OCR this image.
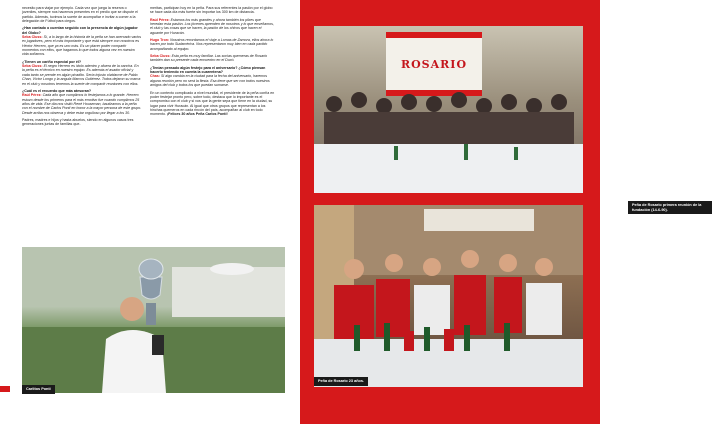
necesito para viajar por ejemplo. Cada vez que juega la reserva o juveniles, siempre nos hacemos presentes en el predio que se dispute el partido. Además, tuvimos la suerte de acompañar e invitar a comer a la delegación de Fútbol para ciegos.

¿Han contado o cuentan seguido con la presencia de algún jugador del Globo?

Seba Cluss: Sí, a lo largo de la historia de la peña se han acercado varios ex jugadores, pero el más importante y que está siempre con nosotros es Héctor Herrero, que ya es uno más. Es un placer poder compartir momentos con ellos, que hagamos lo que todos alguna vez en nuestra vida soñamos.

¿Tienen un cariño especial por él?

Seba Cluss: El negro Herrero es ídolo adentro y afuera de la cancha. En la peña es el técnico en nuestro equipo. Es además el asador oficial y cada tanto se prende en algún picadito. Sería injusto olvidarme de Pablo Chan, Víctor Longo y la angula Marcos Gutiérrez. Todos dejaron su marca en el club y nosotros tenemos la suerte de compartir reuniones con ellos.

¿Cuál es el recuerdo que más atesoran?

Raúl Pérez: Cada año que cumplimos lo festejamos a lo grande. Herrero estuvo desde los primeros para el más emotivo fue cuando cumplimos 25 años de vida. Ese día nos visitó René Houseman, bautizamos a la peña con el nombre de Carlos Ponti en honor a la mayor persona de este grupo. Desde arriba nos observa y debe estar orgulloso por llegar a los 30.

Padres, madres e hijos y hasta abuelos, siendo en algunos casos tres generaciones juntas de familias que-

meritas, participan hoy en la peña. Para sus referentes la pasión por el globo se hace cada día más fuerte sin importar los 300 km de distancia.

Raúl Pérez: Estamos los más grandes y ahora también los pibes que heredan esta pasión. Los jóvenes aprenden de nosotros y lo que enseñamos, el club y las cosas que se hacen, la pasión de los chicos que hacen el aguante por Huracán.

Hugo Tron: Nosotros recordamos el viaje a Lomas de Zamora, ellos ahora lo hacen por todo Sudamérica. Nos representaron muy bien en cada partido acompañando al equipo.

Seba Cluss: Esta peña es muy familiar. Las socias quemeras de Rosario también dan su presente cada encuentro en el Ducó.

¿Tenían pensado algún festejo para el aniversario? ¿Cómo piensan hacerlo teniendo en cuenta la cuarentena?

Chas: Si algo cambia en la ciudad para la fecha del aniversario, haremos alguna reunión pero no será la fiesta. Esa tiene que ser con todos nuestros amigos del club y todos los que puedan sumarse.

En un contexto complicado a nivel mundial, el presidente de la peña confía en poder festejar pronto pero, sobre todo, destaca que lo importante es el compromiso con el club y si vos que la gente sepa que tiene en la ciudad, su lugar para vivir Huracán. Al igual que otros grupos que representan a los hinchas quemeros en cada rincón del país, acompañan al club en todo momento. ¡Felices 30 años Peña Carlos Ponti!

Carlitos Ponti
ROSARIO
Peña de Rosario primera reunión de la fundación (14-6-90).
Peña de Rosario 23 años.
